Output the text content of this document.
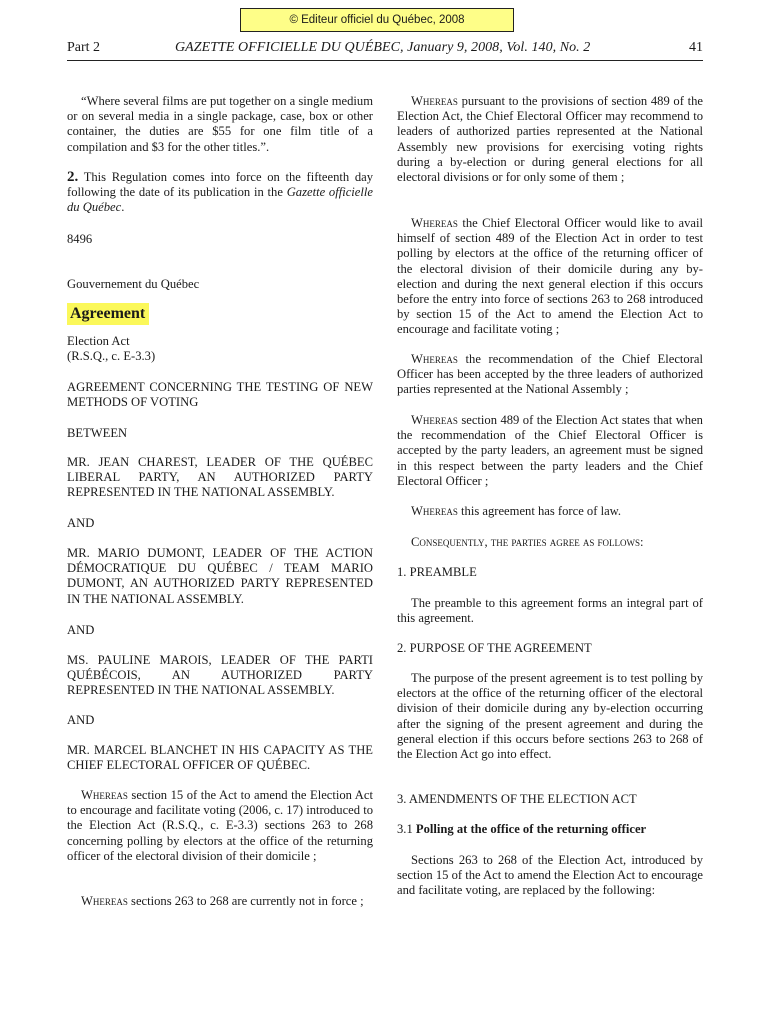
© Editeur officiel du Québec, 2008
Part 2	GAZETTE OFFICIELLE DU QUÉBEC, January 9, 2008, Vol. 140, No. 2	41

“Where several films are put together on a single medium or on several media in a single package, case, box or other container, the duties are $55 for one film title of a compilation and $3 for the other titles.”.

2. This Regulation comes into force on the fifteenth day following the date of its publication in the Gazette officielle du Québec.

8496
Gouvernement du Québec
Agreement
Election Act
(R.S.Q., c. E-3.3)

AGREEMENT CONCERNING THE TESTING OF NEW METHODS OF VOTING

BETWEEN

MR. JEAN CHAREST, LEADER OF THE QUÉBEC LIBERAL PARTY, AN AUTHORIZED PARTY REPRESENTED IN THE NATIONAL ASSEMBLY.

AND

MR. MARIO DUMONT, LEADER OF THE ACTION DÉMOCRATIQUE DU QUÉBEC / TEAM MARIO DUMONT, AN AUTHORIZED PARTY REPRESENTED IN THE NATIONAL ASSEMBLY.

AND

MS. PAULINE MAROIS, LEADER OF THE PARTI QUÉBÉCOIS, AN AUTHORIZED PARTY REPRESENTED IN THE NATIONAL ASSEMBLY.

AND

MR. MARCEL BLANCHET IN HIS CAPACITY AS THE CHIEF ELECTORAL OFFICER OF QUÉBEC.

Whereas section 15 of the Act to amend the Election Act to encourage and facilitate voting (2006, c. 17) introduced to the Election Act (R.S.Q., c. E-3.3) sections 263 to 268 concerning polling by electors at the office of the returning officer of the electoral division of their domicile ;

Whereas sections 263 to 268 are currently not in force ;

Whereas pursuant to the provisions of section 489 of the Election Act, the Chief Electoral Officer may recommend to leaders of authorized parties represented at the National Assembly new provisions for exercising voting rights during a by-election or during general elections for all electoral divisions or for only some of them ;

Whereas the Chief Electoral Officer would like to avail himself of section 489 of the Election Act in order to test polling by electors at the office of the returning officer of the electoral division of their domicile during any by-election and during the next general election if this occurs before the entry into force of sections 263 to 268 introduced by section 15 of the Act to amend the Election Act to encourage and facilitate voting ;

Whereas the recommendation of the Chief Electoral Officer has been accepted by the three leaders of authorized parties represented at the National Assembly ;

Whereas section 489 of the Election Act states that when the recommendation of the Chief Electoral Officer is accepted by the party leaders, an agreement must be signed in this respect between the party leaders and the Chief Electoral Officer ;

Whereas this agreement has force of law.

Consequently, the parties agree as follows:

1. PREAMBLE

The preamble to this agreement forms an integral part of this agreement.

2. PURPOSE OF THE AGREEMENT

The purpose of the present agreement is to test polling by electors at the office of the returning officer of the electoral division of their domicile during any by-election occurring after the signing of the present agreement and during the general election if this occurs before sections 263 to 268 of the Election Act go into effect.

3. AMENDMENTS OF THE ELECTION ACT
3.1 Polling at the office of the returning officer

Sections 263 to 268 of the Election Act, introduced by section 15 of the Act to amend the Election Act to encourage and facilitate voting, are replaced by the following:
